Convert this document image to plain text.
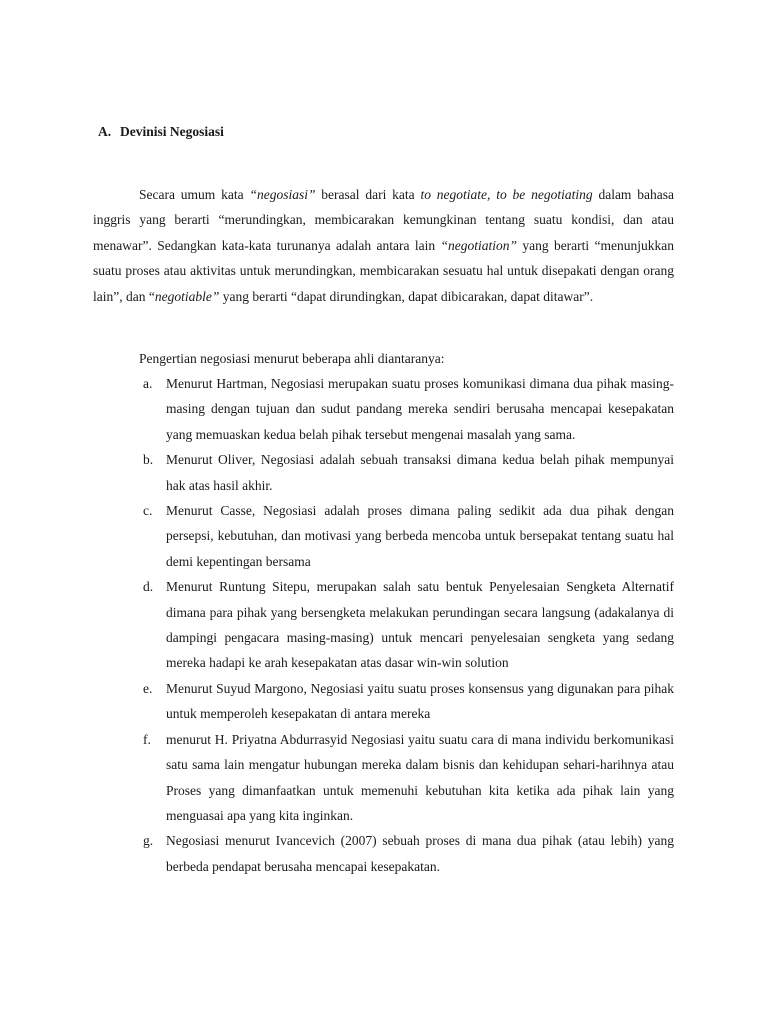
A. Devinisi Negosiasi

Secara umum kata “negosiasi” berasal dari kata to negotiate, to be negotiating dalam bahasa inggris yang berarti “merundingkan, membicarakan kemungkinan tentang suatu kondisi, dan atau menawar”. Sedangkan kata-kata turunanya adalah antara lain “negotiation” yang berarti “menunjukkan suatu proses atau aktivitas untuk merundingkan, membicarakan sesuatu hal untuk disepakati dengan orang lain”, dan “negotiable” yang berarti “dapat dirundingkan, dapat dibicarakan, dapat ditawar”.

Pengertian negosiasi menurut beberapa ahli diantaranya:

a. Menurut Hartman, Negosiasi merupakan suatu proses komunikasi dimana dua pihak masing-masing dengan tujuan dan sudut pandang mereka sendiri berusaha mencapai kesepakatan yang memuaskan kedua belah pihak tersebut mengenai masalah yang sama.
b. Menurut Oliver, Negosiasi adalah sebuah transaksi dimana kedua belah pihak mempunyai hak atas hasil akhir.
c. Menurut Casse, Negosiasi adalah proses dimana paling sedikit ada dua pihak dengan persepsi, kebutuhan, dan motivasi yang berbeda mencoba untuk bersepakat tentang suatu hal demi kepentingan bersama
d. Menurut Runtung Sitepu, merupakan salah satu bentuk Penyelesaian Sengketa Alternatif dimana para pihak yang bersengketa melakukan perundingan secara langsung (adakalanya di dampingi pengacara masing-masing) untuk mencari penyelesaian sengketa yang sedang mereka hadapi ke arah kesepakatan atas dasar win-win solution
e. Menurut Suyud Margono, Negosiasi yaitu suatu proses konsensus yang digunakan para pihak untuk memperoleh kesepakatan di antara mereka
f. menurut H. Priyatna Abdurrasyid Negosiasi yaitu suatu cara di mana individu berkomunikasi satu sama lain mengatur hubungan mereka dalam bisnis dan kehidupan sehari-harihnya atau Proses yang dimanfaatkan untuk memenuhi kebutuhan kita ketika ada pihak lain yang menguasai apa yang kita inginkan.
g. Negosiasi menurut Ivancevich (2007) sebuah proses di mana dua pihak (atau lebih) yang berbeda pendapat berusaha mencapai kesepakatan.
